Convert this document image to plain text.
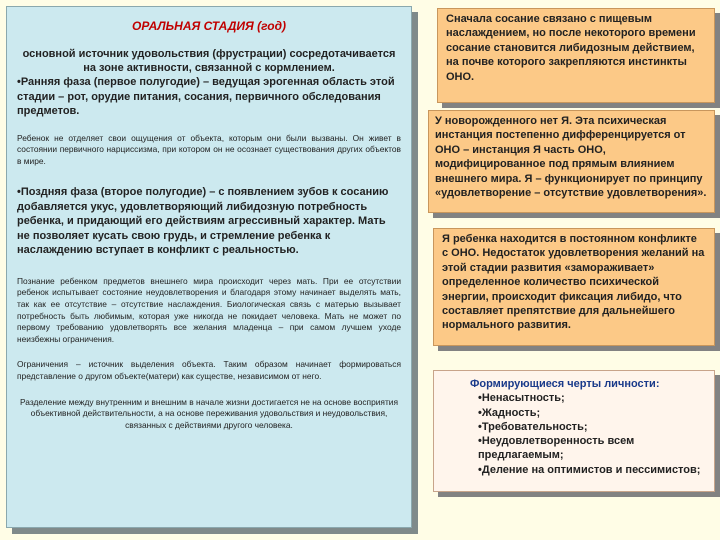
ОРАЛЬНАЯ СТАДИЯ (год)
основной источник удовольствия (фрустрации) сосредотачивается на зоне активности, связанной с кормлением.

•Ранняя фаза (первое полугодие) – ведущая эрогенная область этой стадии – рот, орудие питания, сосания, первичного обследования предметов.

Ребенок не отделяет свои ощущения от объекта, которым они были вызваны. Он живет в состоянии первичного нарциссизма, при котором он не осознает существования других объектов в мире.

•Поздняя фаза (второе полугодие) – с появлением зубов к сосанию добавляется укус, удовлетворяющий либидозную потребность ребенка, и придающий его действиям агрессивный характер. Мать не позволяет кусать свою грудь, и стремление ребенка к наслаждению вступает в конфликт с реальностью.

Познание ребенком предметов внешнего мира происходит через мать. При ее отсутствии ребенок испытывает состояние неудовлетворения и благодаря этому начинает выделять мать, так как ее отсутствие – отсутствие наслаждения. Биологическая связь с матерью вызывает потребность быть любимым, которая уже никогда не покидает человека. Мать не может по первому требованию удовлетворять все желания младенца – при самом лучшем уходе неизбежны ограничения.

Ограничения – источник выделения объекта. Таким образом начинает формироваться представление о другом объекте(матери) как существе, независимом от него.

Разделение между внутренним и внешним в начале жизни достигается не на основе восприятия объективной действительности, а на основе переживания удовольствия и неудовольствия, связанных с действиями другого человека.

Сначала сосание связано с пищевым наслаждением, но после некоторого времени сосание становится либидозным действием, на почве которого закрепляются инстинкты ОНО.
У новорожденного нет Я. Эта психическая инстанция постепенно дифференцируется от ОНО – инстанция Я часть ОНО, модифицированное под прямым влиянием внешнего мира. Я – функционирует по принципу «удовлетворение – отсутствие удовлетворения».
Я ребенка находится в постоянном конфликте с ОНО. Недостаток удовлетворения желаний на этой стадии развития «замораживает» определенное количество психической энергии, происходит фиксация либидо, что составляет препятствие для дальнейшего нормального развития.
Формирующиеся черты личности:
•Ненасытность;
•Жадность;
•Требовательность;
•Неудовлетворенность всем предлагаемым;
•Деление на оптимистов и пессимистов;
